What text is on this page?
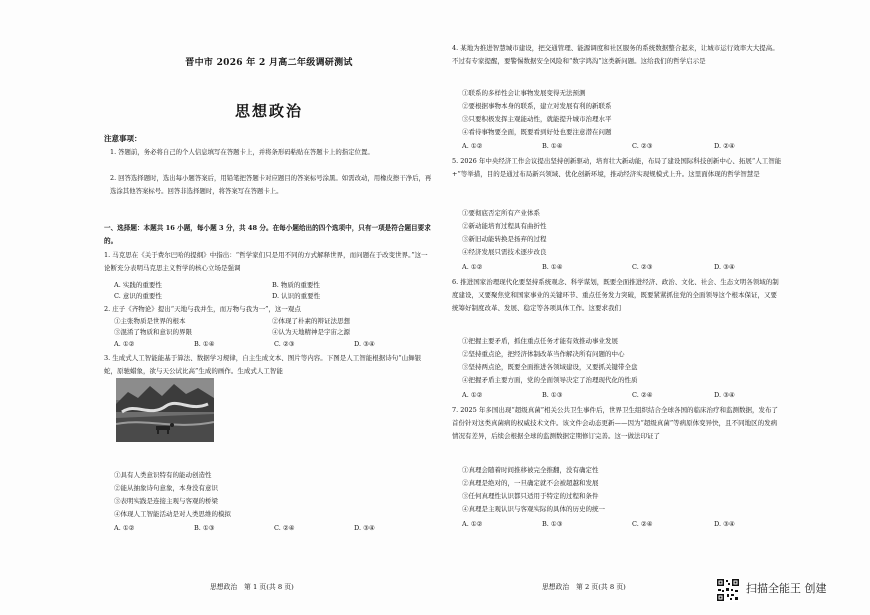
晋中市 2026 年 2 月高二年级调研测试
思想政治
注意事项：
1. 答题前，务必将自己的个人信息填写在答题卡上，并将条形码粘贴在答题卡上的指定位置。
2. 回答选择题时，选出每小题答案后，用铅笔把答题卡对应题目的答案标号涂黑。如需改动，用橡皮擦干净后，再选涂其他答案标号。回答非选择题时，将答案写在答题卡上。
一、选择题：本题共 16 小题，每小题 3 分，共 48 分。在每小题给出的四个选项中，只有一项是符合题目要求的。
1. 马克思在《关于费尔巴哈的提纲》中指出：“哲学家们只是用不同的方式解释世界，而问题在于改变世界。”这一论断充分表明马克思主义哲学的核心立场是强调
A. 实践的重要性	B. 物质的重要性
C. 意识的重要性	D. 认识的重要性
2. 庄子《齐物论》提出“天地与我并生，而万物与我为一”，这一观点
①主张物质是世界的根本	②体现了朴素的辩证法思想
③混淆了物质和意识的界限	④认为天地精神是宇宙之源
A. ①②	B. ①④	C. ②③	D. ③④
3. 生成式人工智能能基于算法、数据学习规律，自主生成文本、图片等内容。下图是人工智能根据诗句“山舞银蛇，原驰蜡象，欲与天公试比高”生成的画作。生成式人工智能
①具有人类意识特有的能动创造性
②能从抽象诗句意象，本身没有意识
③表明实践是连接主观与客观的桥梁
④体现人工智能活动是对人类思维的模拟
A. ①②	B. ①③	C. ②④	D. ③④
思想政治　第 1 页(共 8 页)
4. 某地为推进智慧城市建设，把交通管理、能源调度和社区服务的系统数据整合起来，让城市运行效率大大提高。不过有专家提醒，要警惕数据安全风险和“数字鸿沟”这类新问题。这给我们的哲学启示是
①联系的多样性会让事物发展变得无法预测
②要根据事物本身的联系，建立对发展有利的新联系
③只要积极发挥主观能动性，就能提升城市治理水平
④看待事物要全面，既要看到好处也要注意潜在问题
A. ①②	B. ①④	C. ②③	D. ②④
5. 2026 年中央经济工作会议提出坚持创新驱动，培育壮大新动能，布局了建设国际科技创新中心、拓展“人工智能+”等举措，目的是通过布局新兴领域、优化创新环境，推动经济实现规模式上升。这里面体现的哲学智慧是
①要彻底否定所有产业体系
②新动能培育过程具有曲折性
③新旧动能转换是扬弃的过程
④经济发展只需技术逐步改良
A. ①②	B. ①④	C. ②③	D. ③④
6. 推进国家治理现代化要坚持系统观念、科学谋划，既要全面推进经济、政治、文化、社会、生态文明各领域的制度建设，又要聚焦党和国家事业的关键环节、重点任务发力突破，既要紧紧抓住党的全面领导这个根本保证，又要统筹好制度改革、发展、稳定等各项具体工作。这要求我们
①把握主要矛盾，抓住重点任务才能有效推动事业发展
②坚持重点论，把经济体制改革当作解决所有问题的中心
③坚持两点论，既要全面推进各领域建设，又要抓关键带全盘
④把握矛盾主要方面，党的全面领导决定了治理现代化的性质
A. ①②	B. ①③	C. ②④	D. ③④
7. 2025 年多国出现“超级真菌”相关公共卫生事件后，世界卫生组织结合全球各国的临床治疗和监测数据，发布了首份针对这类真菌病的权威技术文件。该文件会动态更新——因为“超级真菌”等病原体变异快，且不同地区的发病情况有差异，后续会根据全球的监测数据定期修订完善。这一做法印证了
①真理会随着时间推移被完全推翻，没有确定性
②真理是绝对的，一旦确定就不会被超越和发展
③任何真理性认识都只适用于特定的过程和条件
④真理是主观认识与客观实际的具体的历史的统一
A. ①②	B. ①③	C. ②④	D. ③④
思想政治　第 2 页(共 8 页)	扫描全能王 创建
